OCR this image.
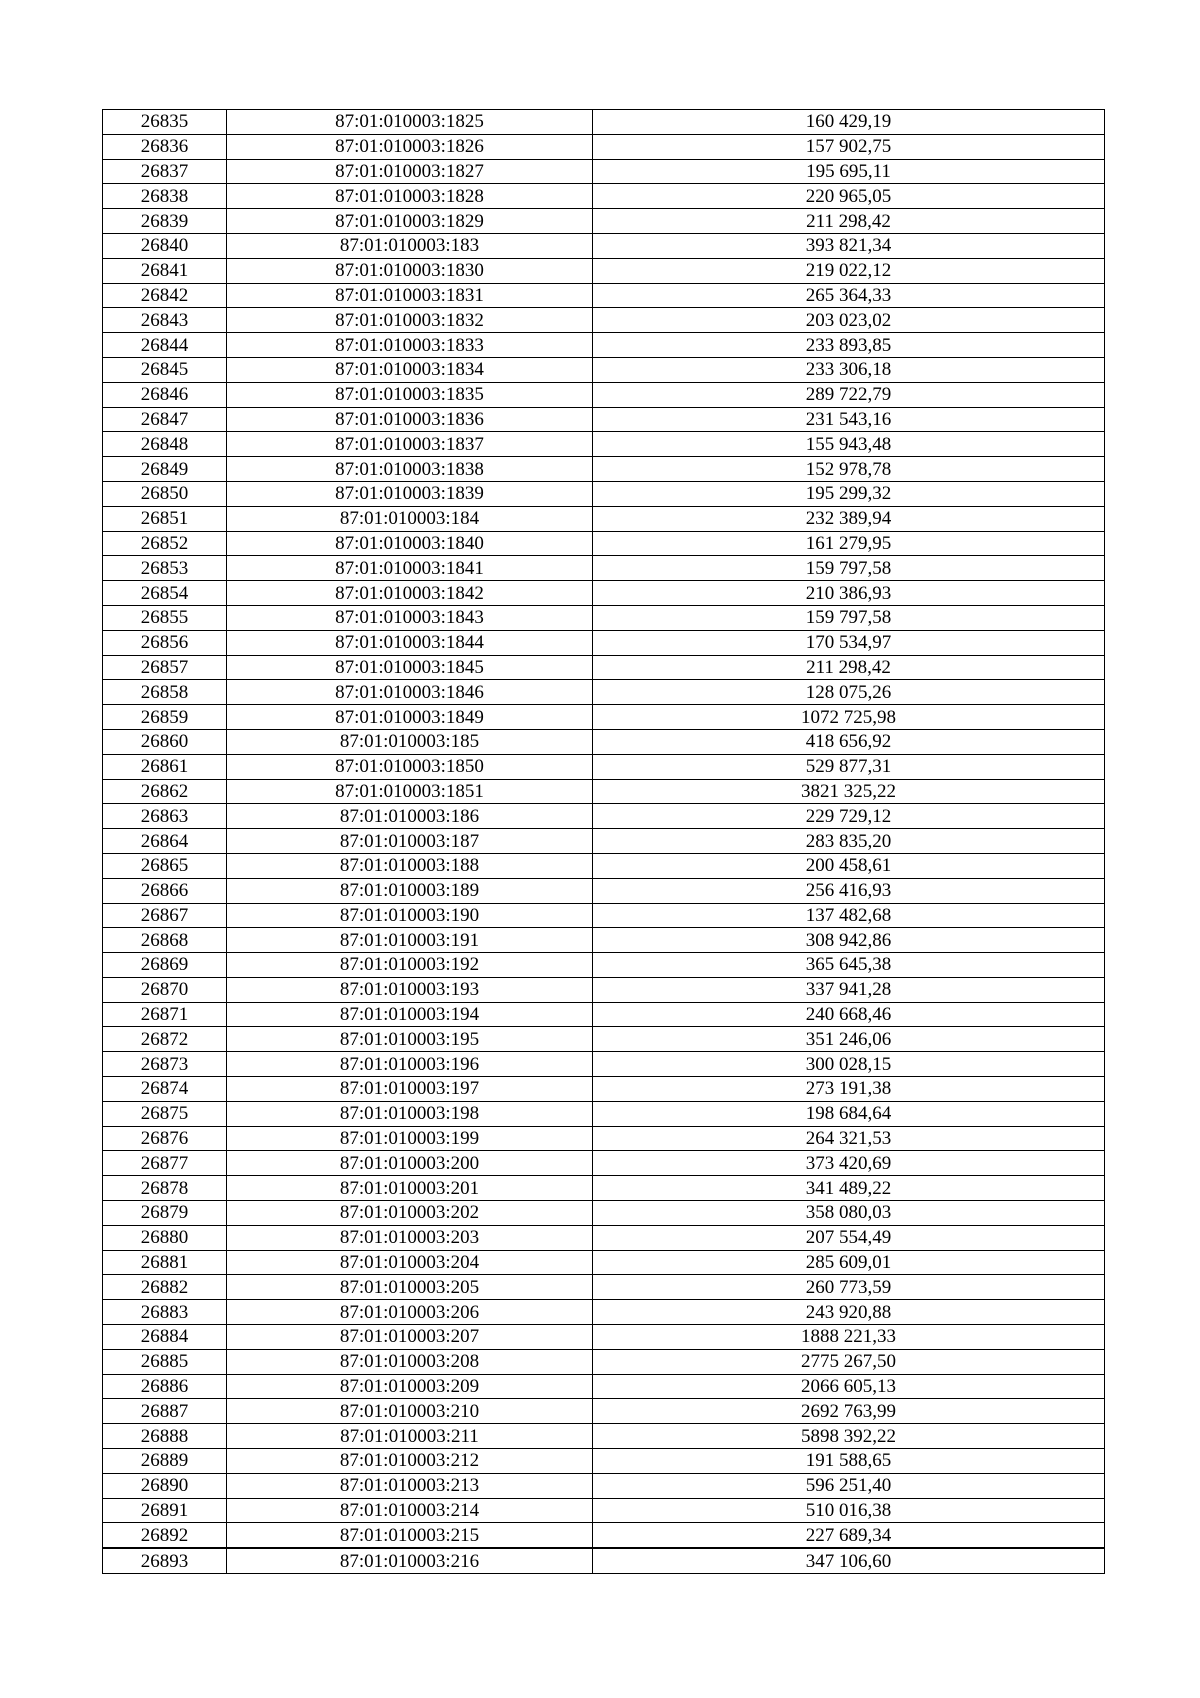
26835	87:01:010003:1825	160 429,19
26836	87:01:010003:1826	157 902,75
26837	87:01:010003:1827	195 695,11
26838	87:01:010003:1828	220 965,05
26839	87:01:010003:1829	211 298,42
26840	87:01:010003:183	393 821,34
26841	87:01:010003:1830	219 022,12
26842	87:01:010003:1831	265 364,33
26843	87:01:010003:1832	203 023,02
26844	87:01:010003:1833	233 893,85
26845	87:01:010003:1834	233 306,18
26846	87:01:010003:1835	289 722,79
26847	87:01:010003:1836	231 543,16
26848	87:01:010003:1837	155 943,48
26849	87:01:010003:1838	152 978,78
26850	87:01:010003:1839	195 299,32
26851	87:01:010003:184	232 389,94
26852	87:01:010003:1840	161 279,95
26853	87:01:010003:1841	159 797,58
26854	87:01:010003:1842	210 386,93
26855	87:01:010003:1843	159 797,58
26856	87:01:010003:1844	170 534,97
26857	87:01:010003:1845	211 298,42
26858	87:01:010003:1846	128 075,26
26859	87:01:010003:1849	1072 725,98
26860	87:01:010003:185	418 656,92
26861	87:01:010003:1850	529 877,31
26862	87:01:010003:1851	3821 325,22
26863	87:01:010003:186	229 729,12
26864	87:01:010003:187	283 835,20
26865	87:01:010003:188	200 458,61
26866	87:01:010003:189	256 416,93
26867	87:01:010003:190	137 482,68
26868	87:01:010003:191	308 942,86
26869	87:01:010003:192	365 645,38
26870	87:01:010003:193	337 941,28
26871	87:01:010003:194	240 668,46
26872	87:01:010003:195	351 246,06
26873	87:01:010003:196	300 028,15
26874	87:01:010003:197	273 191,38
26875	87:01:010003:198	198 684,64
26876	87:01:010003:199	264 321,53
26877	87:01:010003:200	373 420,69
26878	87:01:010003:201	341 489,22
26879	87:01:010003:202	358 080,03
26880	87:01:010003:203	207 554,49
26881	87:01:010003:204	285 609,01
26882	87:01:010003:205	260 773,59
26883	87:01:010003:206	243 920,88
26884	87:01:010003:207	1888 221,33
26885	87:01:010003:208	2775 267,50
26886	87:01:010003:209	2066 605,13
26887	87:01:010003:210	2692 763,99
26888	87:01:010003:211	5898 392,22
26889	87:01:010003:212	191 588,65
26890	87:01:010003:213	596 251,40
26891	87:01:010003:214	510 016,38
26892	87:01:010003:215	227 689,34
26893	87:01:010003:216	347 106,60
